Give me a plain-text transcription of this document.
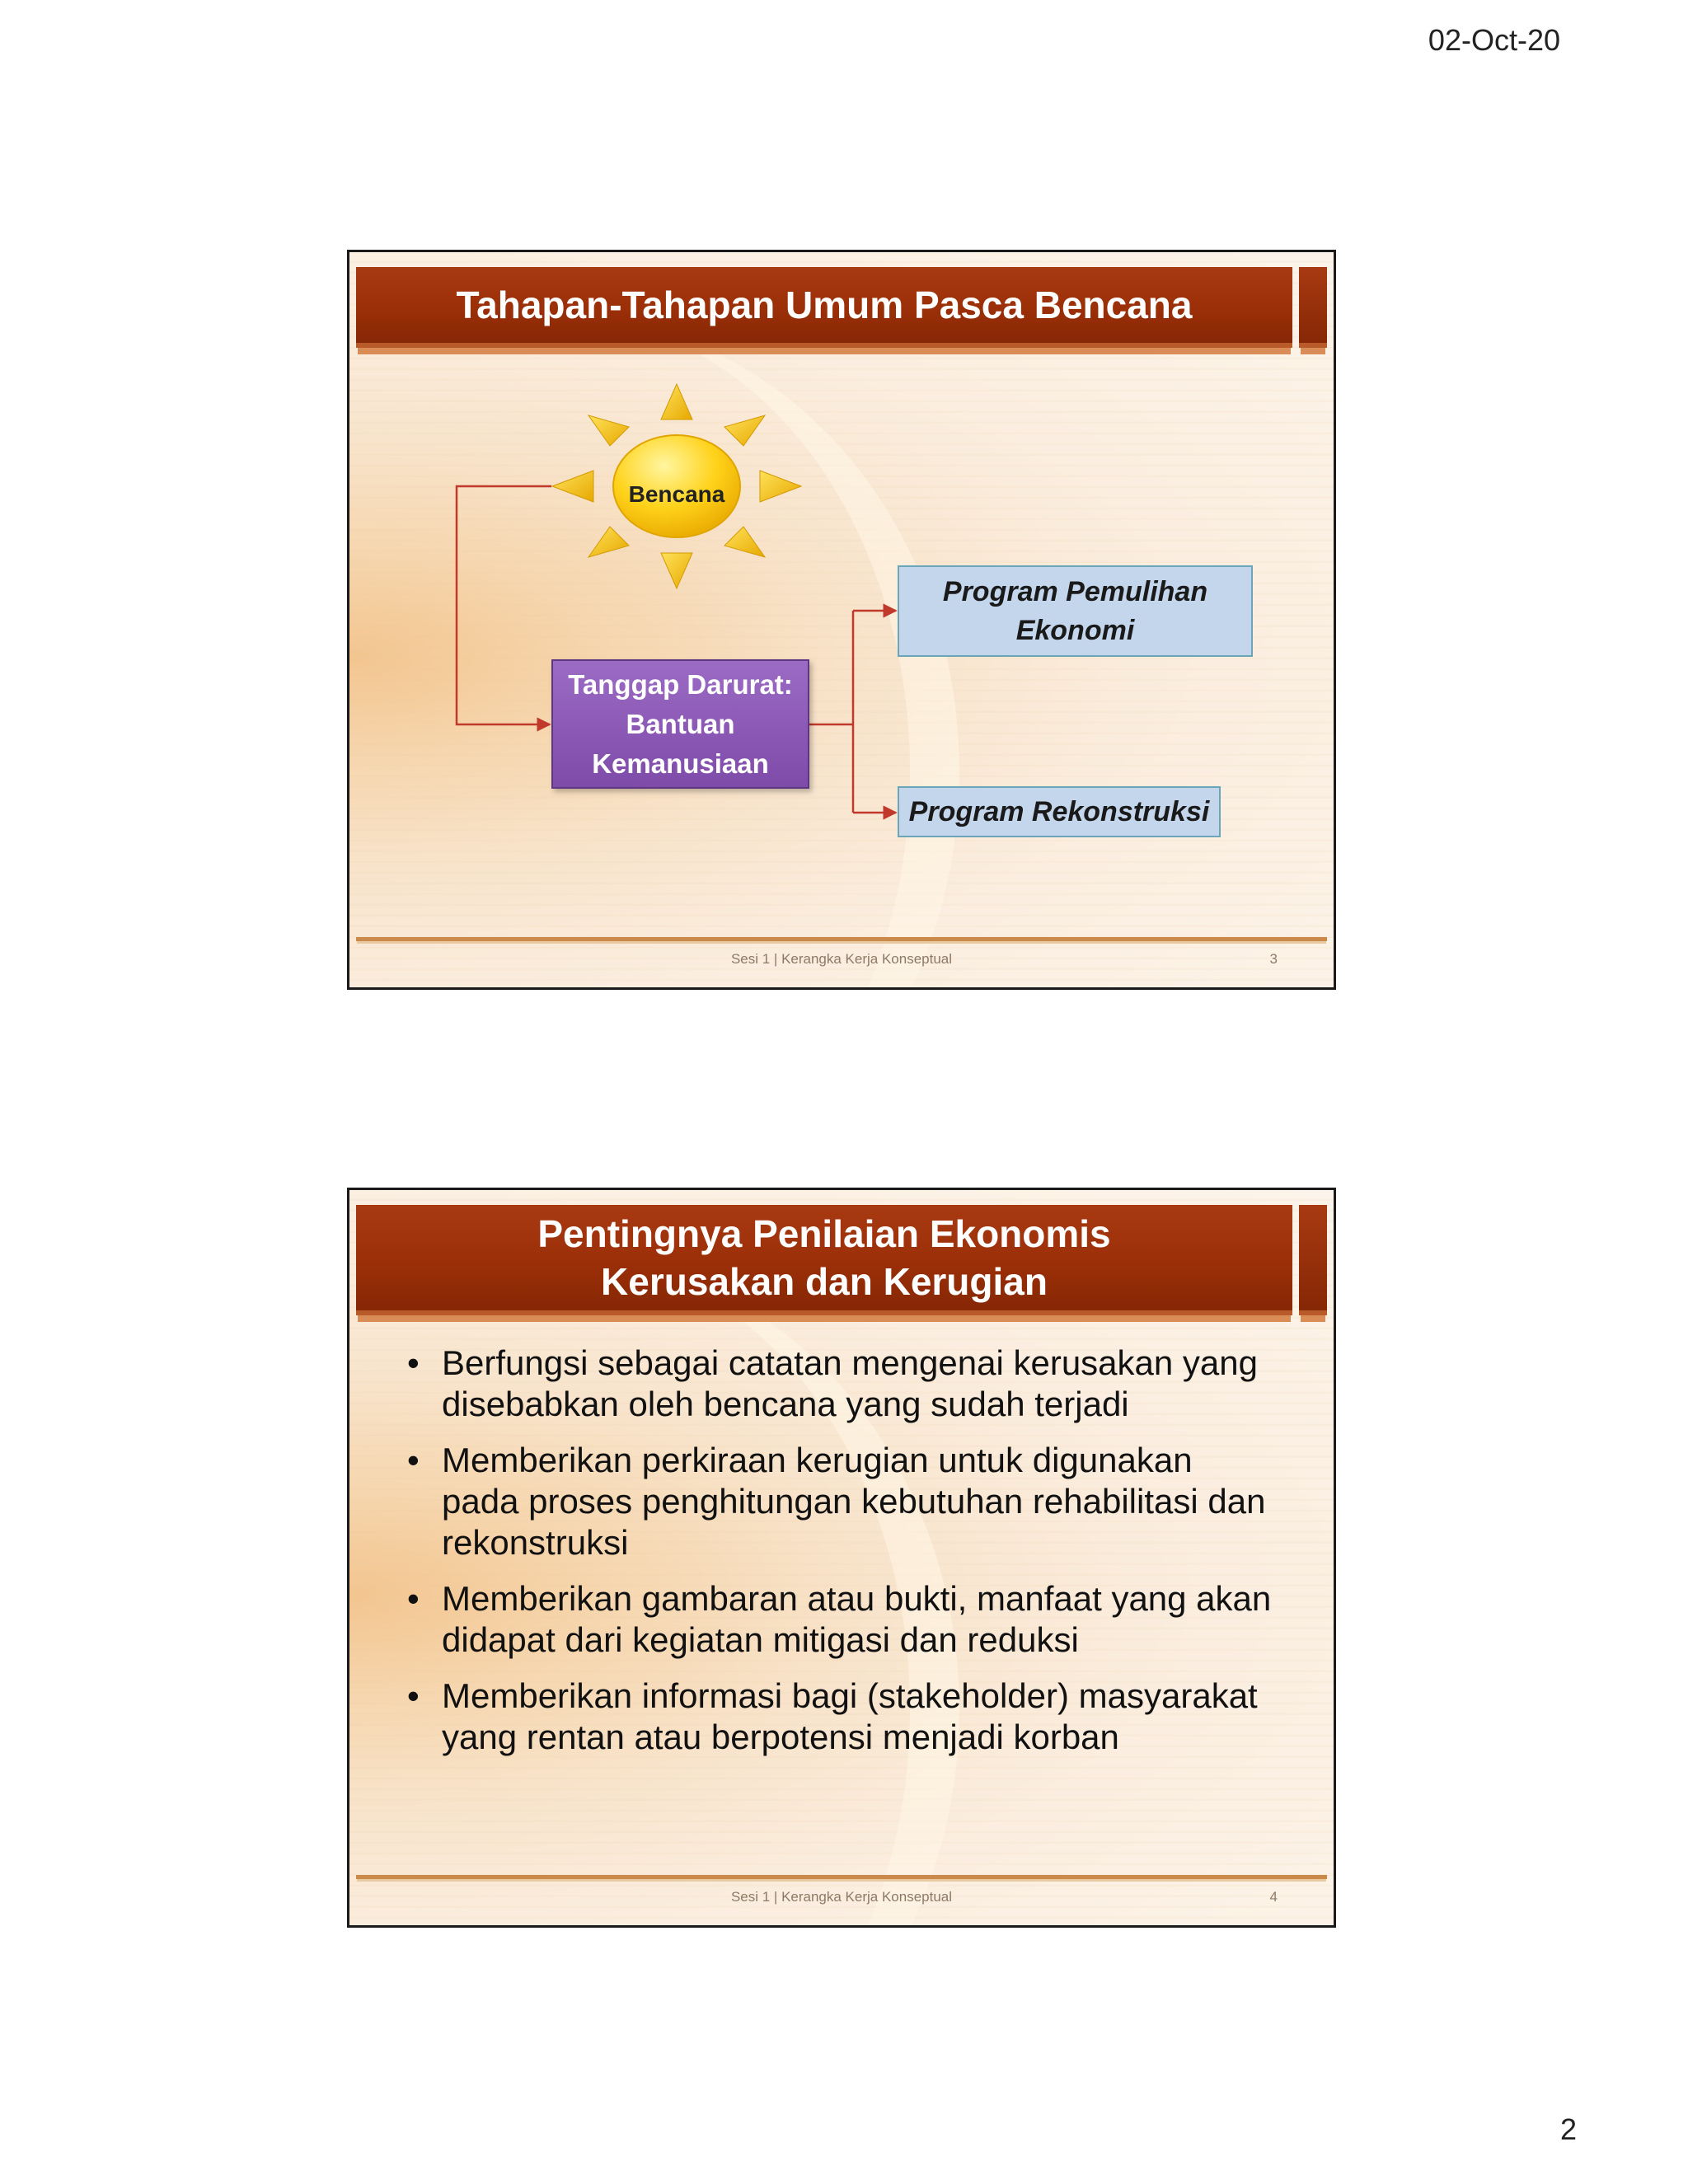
02-Oct-20
Tahapan-Tahapan Umum Pasca Bencana
Bencana
Tanggap Darurat: Bantuan Kemanusiaan
Program Pemulihan Ekonomi
Program Rekonstruksi
Sesi 1 | Kerangka Kerja Konseptual	3
Pentingnya Penilaian Ekonomis
Kerusakan dan Kerugian
• Berfungsi sebagai catatan mengenai kerusakan yang disebabkan oleh bencana yang sudah terjadi
• Memberikan perkiraan kerugian untuk digunakan pada proses penghitungan kebutuhan rehabilitasi dan rekonstruksi
• Memberikan gambaran atau bukti, manfaat yang akan didapat dari kegiatan mitigasi dan reduksi
• Memberikan informasi bagi (stakeholder) masyarakat yang rentan atau berpotensi menjadi korban
Sesi 1 | Kerangka Kerja Konseptual	4
2
